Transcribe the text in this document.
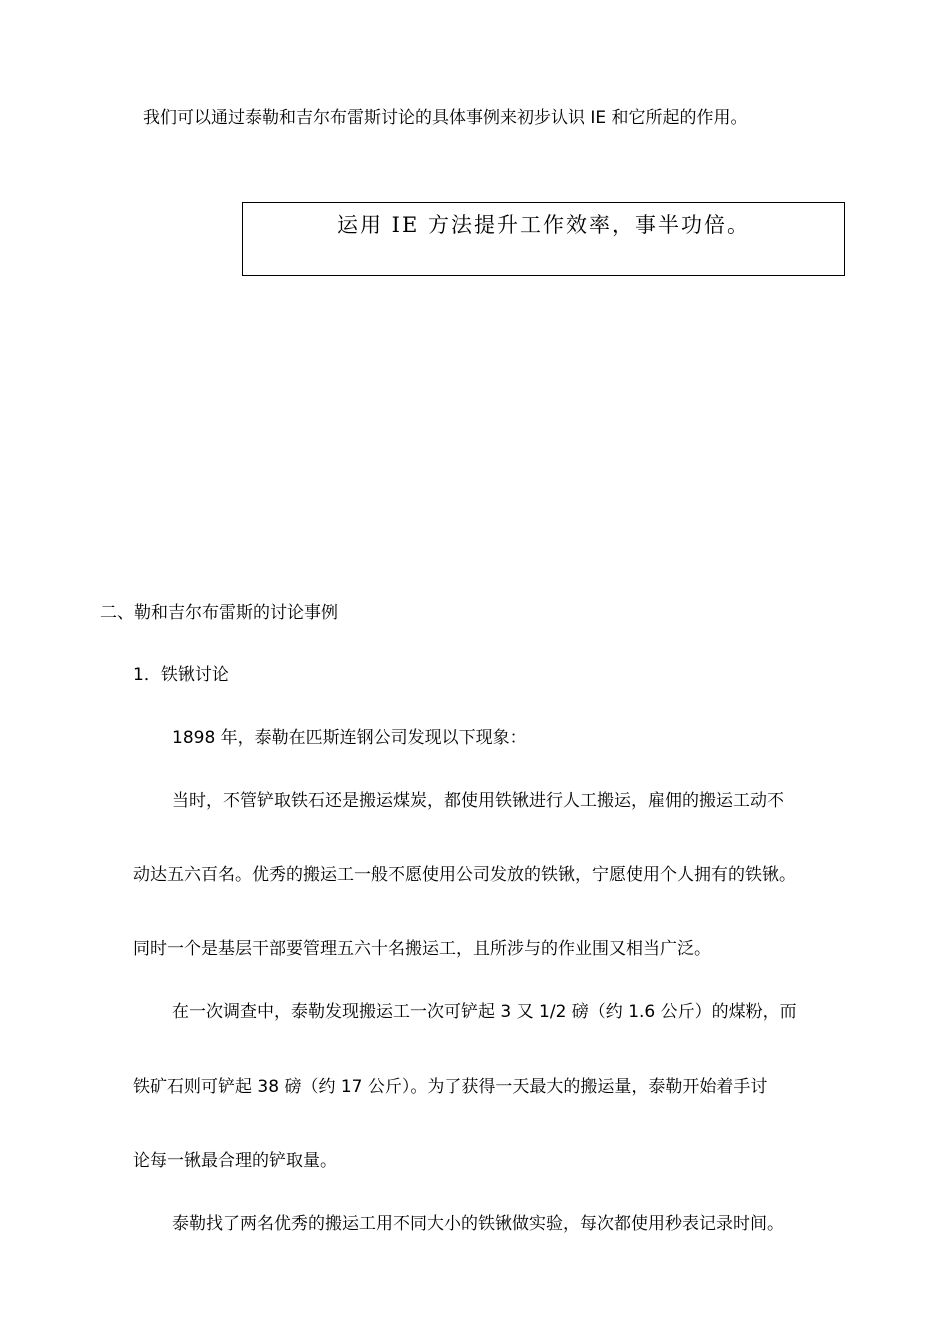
我们可以通过泰勒和吉尔布雷斯讨论的具体事例来初步认识 IE 和它所起的作用。
运用 IE 方法提升工作效率，事半功倍。
二、勒和吉尔布雷斯的讨论事例
1．铁锹讨论
1898 年，泰勒在匹斯连钢公司发现以下现象：
当时，不管铲取铁石还是搬运煤炭，都使用铁锹进行人工搬运，雇佣的搬运工动不
动达五六百名。优秀的搬运工一般不愿使用公司发放的铁锹，宁愿使用个人拥有的铁锹。
同时一个是基层干部要管理五六十名搬运工，且所涉与的作业围又相当广泛。
在一次调查中，泰勒发现搬运工一次可铲起 3 又 1/2 磅（约 1.6 公斤）的煤粉，而
铁矿石则可铲起 38 磅（约 17 公斤）。为了获得一天最大的搬运量，泰勒开始着手讨
论每一锹最合理的铲取量。
泰勒找了两名优秀的搬运工用不同大小的铁锹做实验，每次都使用秒表记录时间。
